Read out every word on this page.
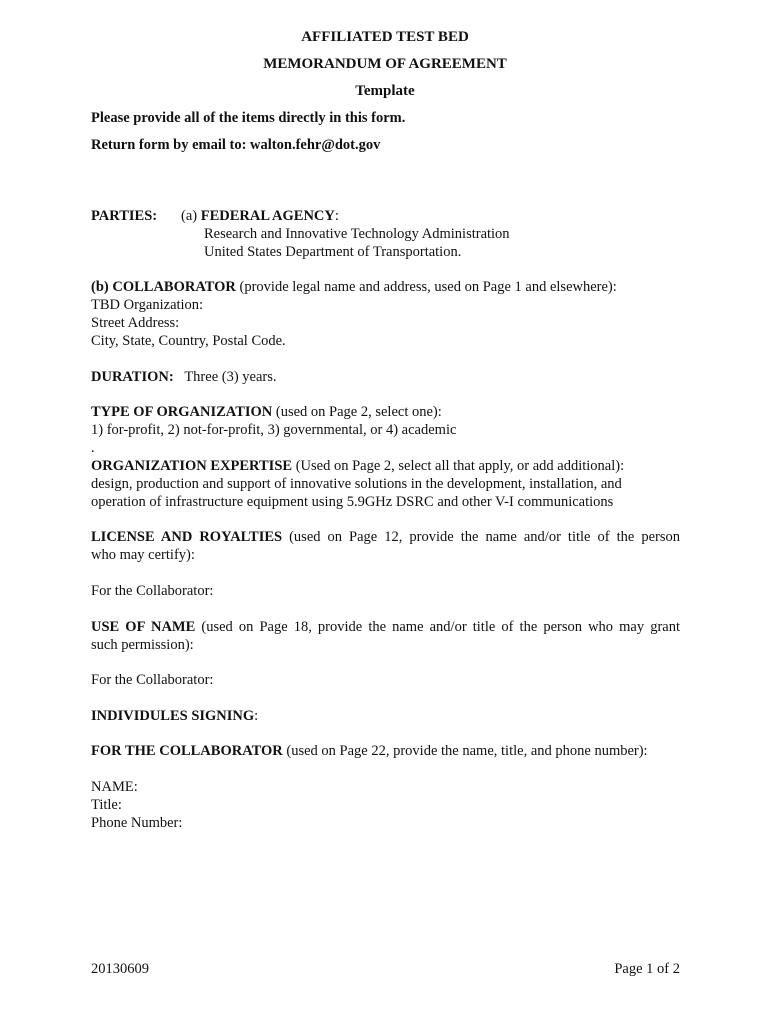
AFFILIATED TEST BED

MEMORANDUM OF AGREEMENT

Template

Please provide all of the items directly in this form.

Return form by email to: walton.fehr@dot.gov

PARTIES: (a) FEDERAL AGENCY:

Research and Innovative Technology Administration

United States Department of Transportation.

(b) COLLABORATOR (provide legal name and address, used on Page 1 and elsewhere):

TBD Organization:

Street Address:

City, State, Country, Postal Code.

DURATION:   Three (3) years.

TYPE OF ORGANIZATION (used on Page 2, select one):

1) for-profit, 2) not-for-profit, 3) governmental, or 4) academic

.

ORGANIZATION EXPERTISE (Used on Page 2, select all that apply, or add additional):

design, production and support of innovative solutions in the development, installation, and

operation of infrastructure equipment using 5.9GHz DSRC and other V-I communications

LICENSE AND ROYALTIES (used on Page 12, provide the name and/or title of the person

who may certify):

For the Collaborator:

USE OF NAME (used on Page 18, provide the name and/or title of the person who may grant

such permission):

For the Collaborator:

INDIVIDULES SIGNING:

FOR THE COLLABORATOR (used on Page 22, provide the name, title, and phone number):

NAME:

Title:

Phone Number:

20130609	Page 1 of 2
